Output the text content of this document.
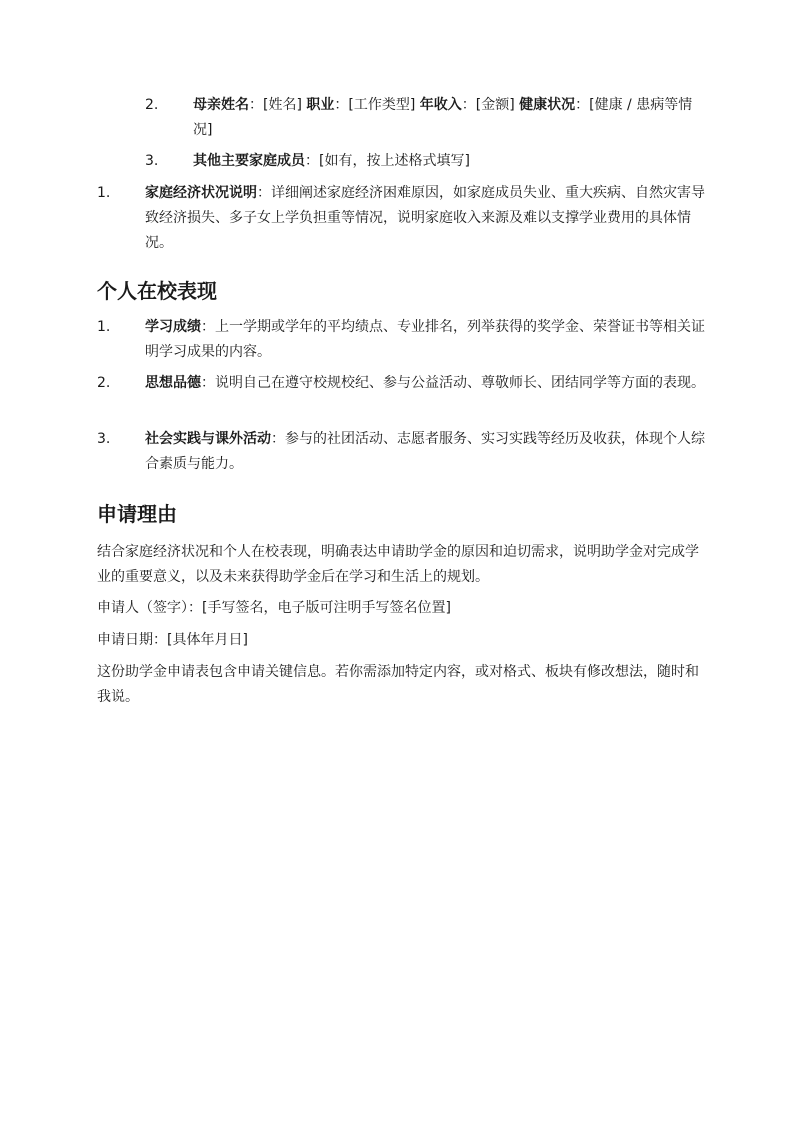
2. 母亲姓名：[姓名] 职业：[工作类型] 年收入：[金额] 健康状况：[健康 / 患病等情况]
3. 其他主要家庭成员：[如有，按上述格式填写]
1. 家庭经济状况说明：详细阐述家庭经济困难原因，如家庭成员失业、重大疾病、自然灾害导致经济损失、多子女上学负担重等情况，说明家庭收入来源及难以支撑学业费用的具体情况。
个人在校表现
1. 学习成绩：上一学期或学年的平均绩点、专业排名，列举获得的奖学金、荣誉证书等相关证明学习成果的内容。
2. 思想品德：说明自己在遵守校规校纪、参与公益活动、尊敬师长、团结同学等方面的表现。
3. 社会实践与课外活动：参与的社团活动、志愿者服务、实习实践等经历及收获，体现个人综合素质与能力。
申请理由

结合家庭经济状况和个人在校表现，明确表达申请助学金的原因和迫切需求，说明助学金对完成学业的重要意义，以及未来获得助学金后在学习和生活上的规划。

申请人（签字）：[手写签名，电子版可注明手写签名位置]

申请日期：[具体年月日]

这份助学金申请表包含申请关键信息。若你需添加特定内容，或对格式、板块有修改想法，随时和我说。
